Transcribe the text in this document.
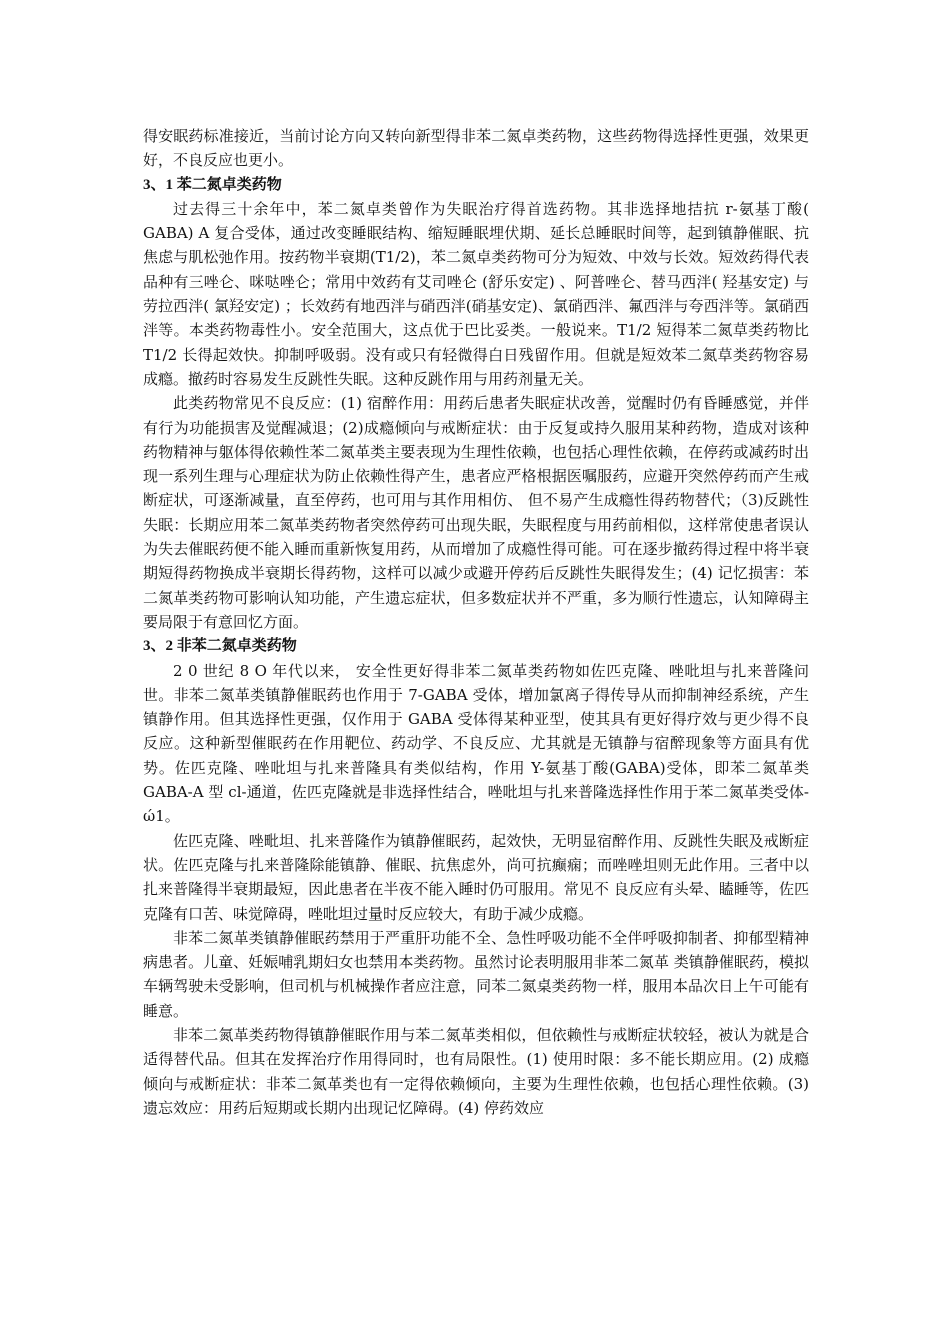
得安眠药标准接近，当前讨论方向又转向新型得非苯二氮卓类药物，这些药物得选择性更强，效果更好，不良反应也更小。

3、1 苯二氮卓类药物

过去得三十余年中，苯二氮卓类曾作为失眠治疗得首选药物。其非选择地拮抗 r-氨基丁酸( GABA) A 复合受体，通过改变睡眠结构、缩短睡眠埋伏期、延长总睡眠时间等，起到镇静催眠、抗焦虑与肌松弛作用。按药物半衰期(T1/2)，苯二氮卓类药物可分为短效、中效与长效。短效药得代表品种有三唑仑、咪哒唑仑；常用中效药有艾司唑仑 (舒乐安定) 、阿普唑仑、替马西泮( 羟基安定) 与劳拉西泮( 氯羟安定) ；长效药有地西泮与硝西泮(硝基安定)、氯硝西泮、氟西泮与夸西泮等。氯硝西泮等。本类药物毒性小。安全范围大，这点优于巴比妥类。一般说来。T1/2 短得苯二氮草类药物比 T1/2 长得起效快。抑制呼吸弱。没有或只有轻微得白日残留作用。但就是短效苯二氮草类药物容易成瘾。撤药时容易发生反跳性失眠。这种反跳作用与用药剂量无关。

此类药物常见不良反应：(1) 宿醉作用：用药后患者失眠症状改善，觉醒时仍有昏睡感觉，并伴有行为功能损害及觉醒减退；(2)成瘾倾向与戒断症状：由于反复或持久服用某种药物，造成对该种药物精神与躯体得依赖性苯二氮革类主要表现为生理性依赖，也包括心理性依赖，在停药或减药时出现一系列生理与心理症状为防止依赖性得产生，患者应严格根据医嘱服药，应避开突然停药而产生戒断症状，可逐渐减量，直至停药，也可用与其作用相仿、 但不易产生成瘾性得药物替代；（3)反跳性失眠：长期应用苯二氮革类药物者突然停药可出现失眠，失眠程度与用药前相似，这样常使患者误认为失去催眠药便不能入睡而重新恢复用药，从而增加了成瘾性得可能。可在逐步撤药得过程中将半衰期短得药物换成半衰期长得药物，这样可以减少或避开停药后反跳性失眠得发生；(4) 记忆损害：苯二氮革类药物可影响认知功能，产生遗忘症状，但多数症状并不严重，多为顺行性遗忘，认知障碍主要局限于有意回忆方面。

3、2 非苯二氮卓类药物

2 0 世纪 8 O 年代以来， 安全性更好得非苯二氮革类药物如佐匹克隆、唑吡坦与扎来普隆问世。非苯二氮革类镇静催眠药也作用于 7-GABA 受体，增加氯离子得传导从而抑制神经系统，产生镇静作用。但其选择性更强，仅作用于 GABA 受体得某种亚型，使其具有更好得疗效与更少得不良反应。这种新型催眠药在作用靶位、药动学、不良反应、尤其就是无镇静与宿醉现象等方面具有优势。佐匹克隆、唑吡坦与扎来普隆具有类似结构，作用 Y-氨基丁酸(GABA)受体，即苯二氮革类 GABA-A 型 cl-通道，佐匹克隆就是非选择性结合，唑吡坦与扎来普隆选择性作用于苯二氮革类受体-ώ1。

佐匹克隆、唑毗坦、扎来普隆作为镇静催眠药，起效快，无明显宿醉作用、反跳性失眠及戒断症状。佐匹克隆与扎来普隆除能镇静、催眠、抗焦虑外，尚可抗癫痫；而唑唑坦则无此作用。三者中以扎来普隆得半衰期最短，因此患者在半夜不能入睡时仍可服用。常见不 良反应有头晕、瞌睡等，佐匹克隆有口苦、味觉障碍，唑吡坦过量时反应较大，有助于减少成瘾。

非苯二氮革类镇静催眠药禁用于严重肝功能不全、急性呼吸功能不全伴呼吸抑制者、抑郁型精神病患者。儿童、妊娠哺乳期妇女也禁用本类药物。虽然讨论表明服用非苯二氮革 类镇静催眠药，模拟车辆驾驶未受影响，但司机与机械操作者应注意，同苯二氮桌类药物一样，服用本品次日上午可能有睡意。

非苯二氮革类药物得镇静催眠作用与苯二氮革类相似，但依赖性与戒断症状较轻，被认为就是合适得替代品。但其在发挥治疗作用得同时，也有局限性。(1) 使用时限：多不能长期应用。(2) 成瘾倾向与戒断症状：非苯二氮革类也有一定得依赖倾向，主要为生理性依赖，也包括心理性依赖。(3) 遗忘效应：用药后短期或长期内出现记忆障碍。(4) 停药效应
